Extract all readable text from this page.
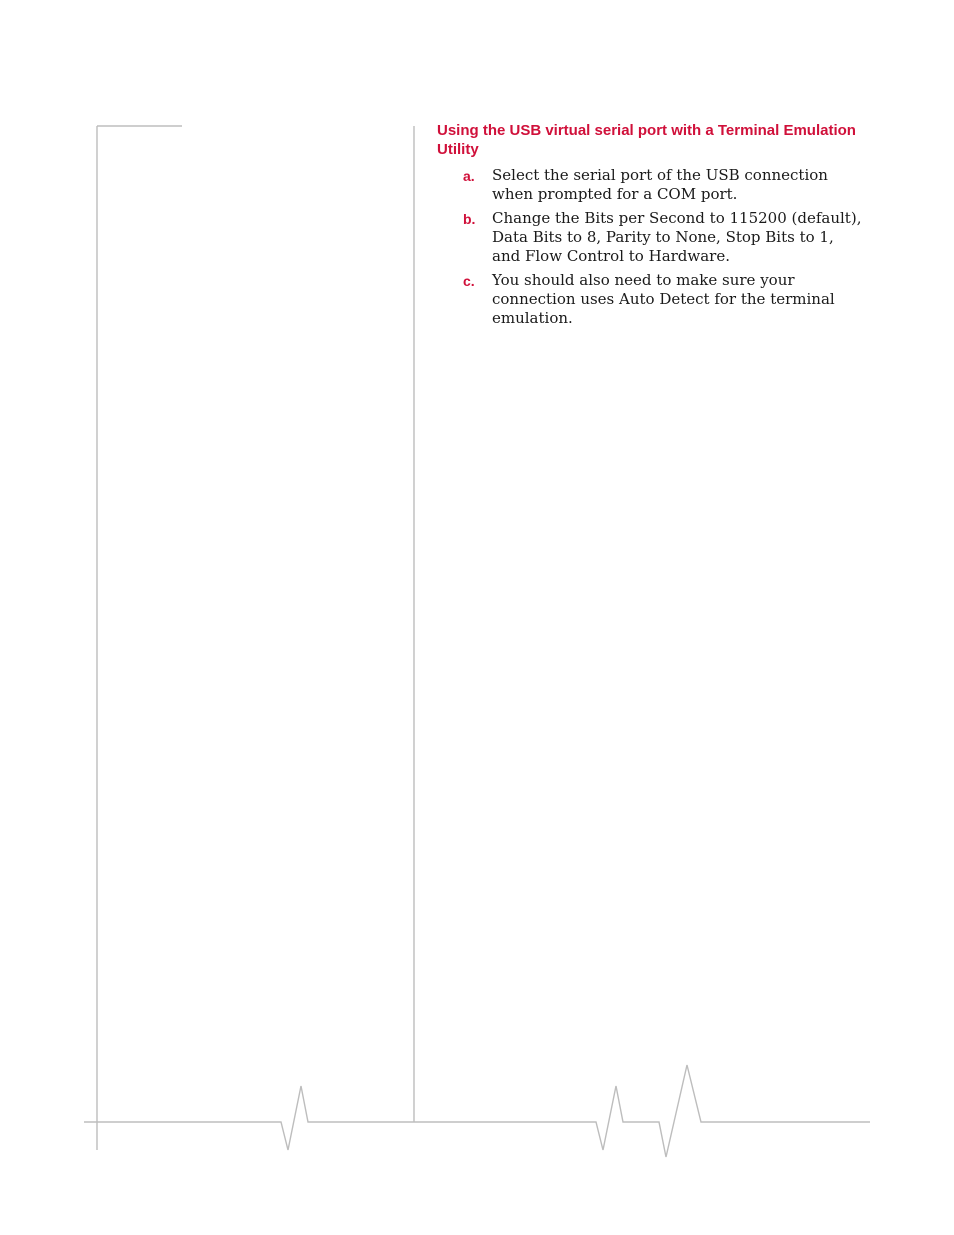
Using the USB virtual serial port with a Terminal Emulation Utility
a. Select the serial port of the USB connection when prompted for a COM port.
b. Change the Bits per Second to 115200 (default), Data Bits to 8, Parity to None, Stop Bits to 1, and Flow Control to Hardware.
c. You should also need to make sure your connection uses Auto Detect for the terminal emulation.
